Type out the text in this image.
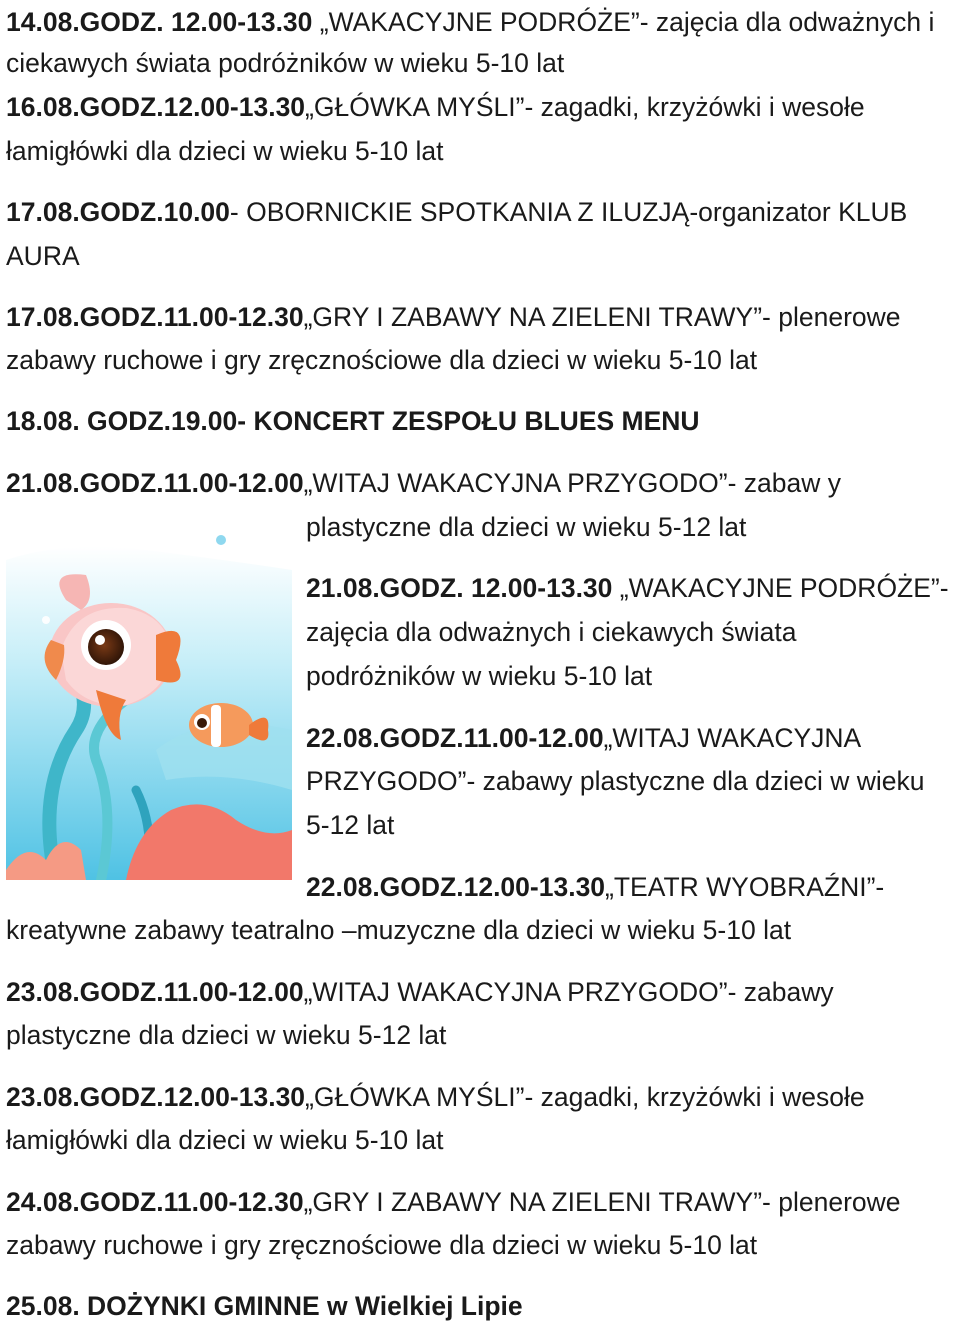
14.08.GODZ. 12.00-13.30 „WAKACYJNE PODRÓŻE”- zajęcia dla odważnych i

ciekawych świata podróżników w wieku 5-10 lat

16.08.GODZ.12.00-13.30„GŁÓWKA MYŚLI”- zagadki, krzyżówki i wesołe

łamigłówki dla dzieci w wieku 5-10 lat

17.08.GODZ.10.00- OBORNICKIE SPOTKANIA Z ILUZJĄ-organizator KLUB

AURA

17.08.GODZ.11.00-12.30„GRY I ZABAWY NA ZIELENI TRAWY”- plenerowe

zabawy ruchowe i gry zręcznościowe dla dzieci w wieku 5-10 lat

18.08. GODZ.19.00- KONCERT ZESPOŁU BLUES MENU

21.08.GODZ.11.00-12.00„WITAJ WAKACYJNA PRZYGODO”- zabaw y

plastyczne dla dzieci w wieku 5-12 lat

21.08.GODZ. 12.00-13.30 „WAKACYJNE PODRÓŻE”-

zajęcia dla odważnych i ciekawych świata

podróżników w wieku 5-10 lat

22.08.GODZ.11.00-12.00„WITAJ WAKACYJNA

PRZYGODO”- zabawy plastyczne dla dzieci w wieku

5-12 lat

22.08.GODZ.12.00-13.30„TEATR WYOBRAŹNI”-

kreatywne zabawy teatralno –muzyczne dla dzieci w wieku 5-10 lat

23.08.GODZ.11.00-12.00„WITAJ WAKACYJNA PRZYGODO”- zabawy

plastyczne dla dzieci w wieku 5-12 lat

23.08.GODZ.12.00-13.30„GŁÓWKA MYŚLI”- zagadki, krzyżówki i wesołe

łamigłówki dla dzieci w wieku 5-10 lat

24.08.GODZ.11.00-12.30„GRY I ZABAWY NA ZIELENI TRAWY”- plenerowe

zabawy ruchowe i gry zręcznościowe dla dzieci w wieku 5-10 lat

25.08. DOŻYNKI GMINNE w Wielkiej Lipie
